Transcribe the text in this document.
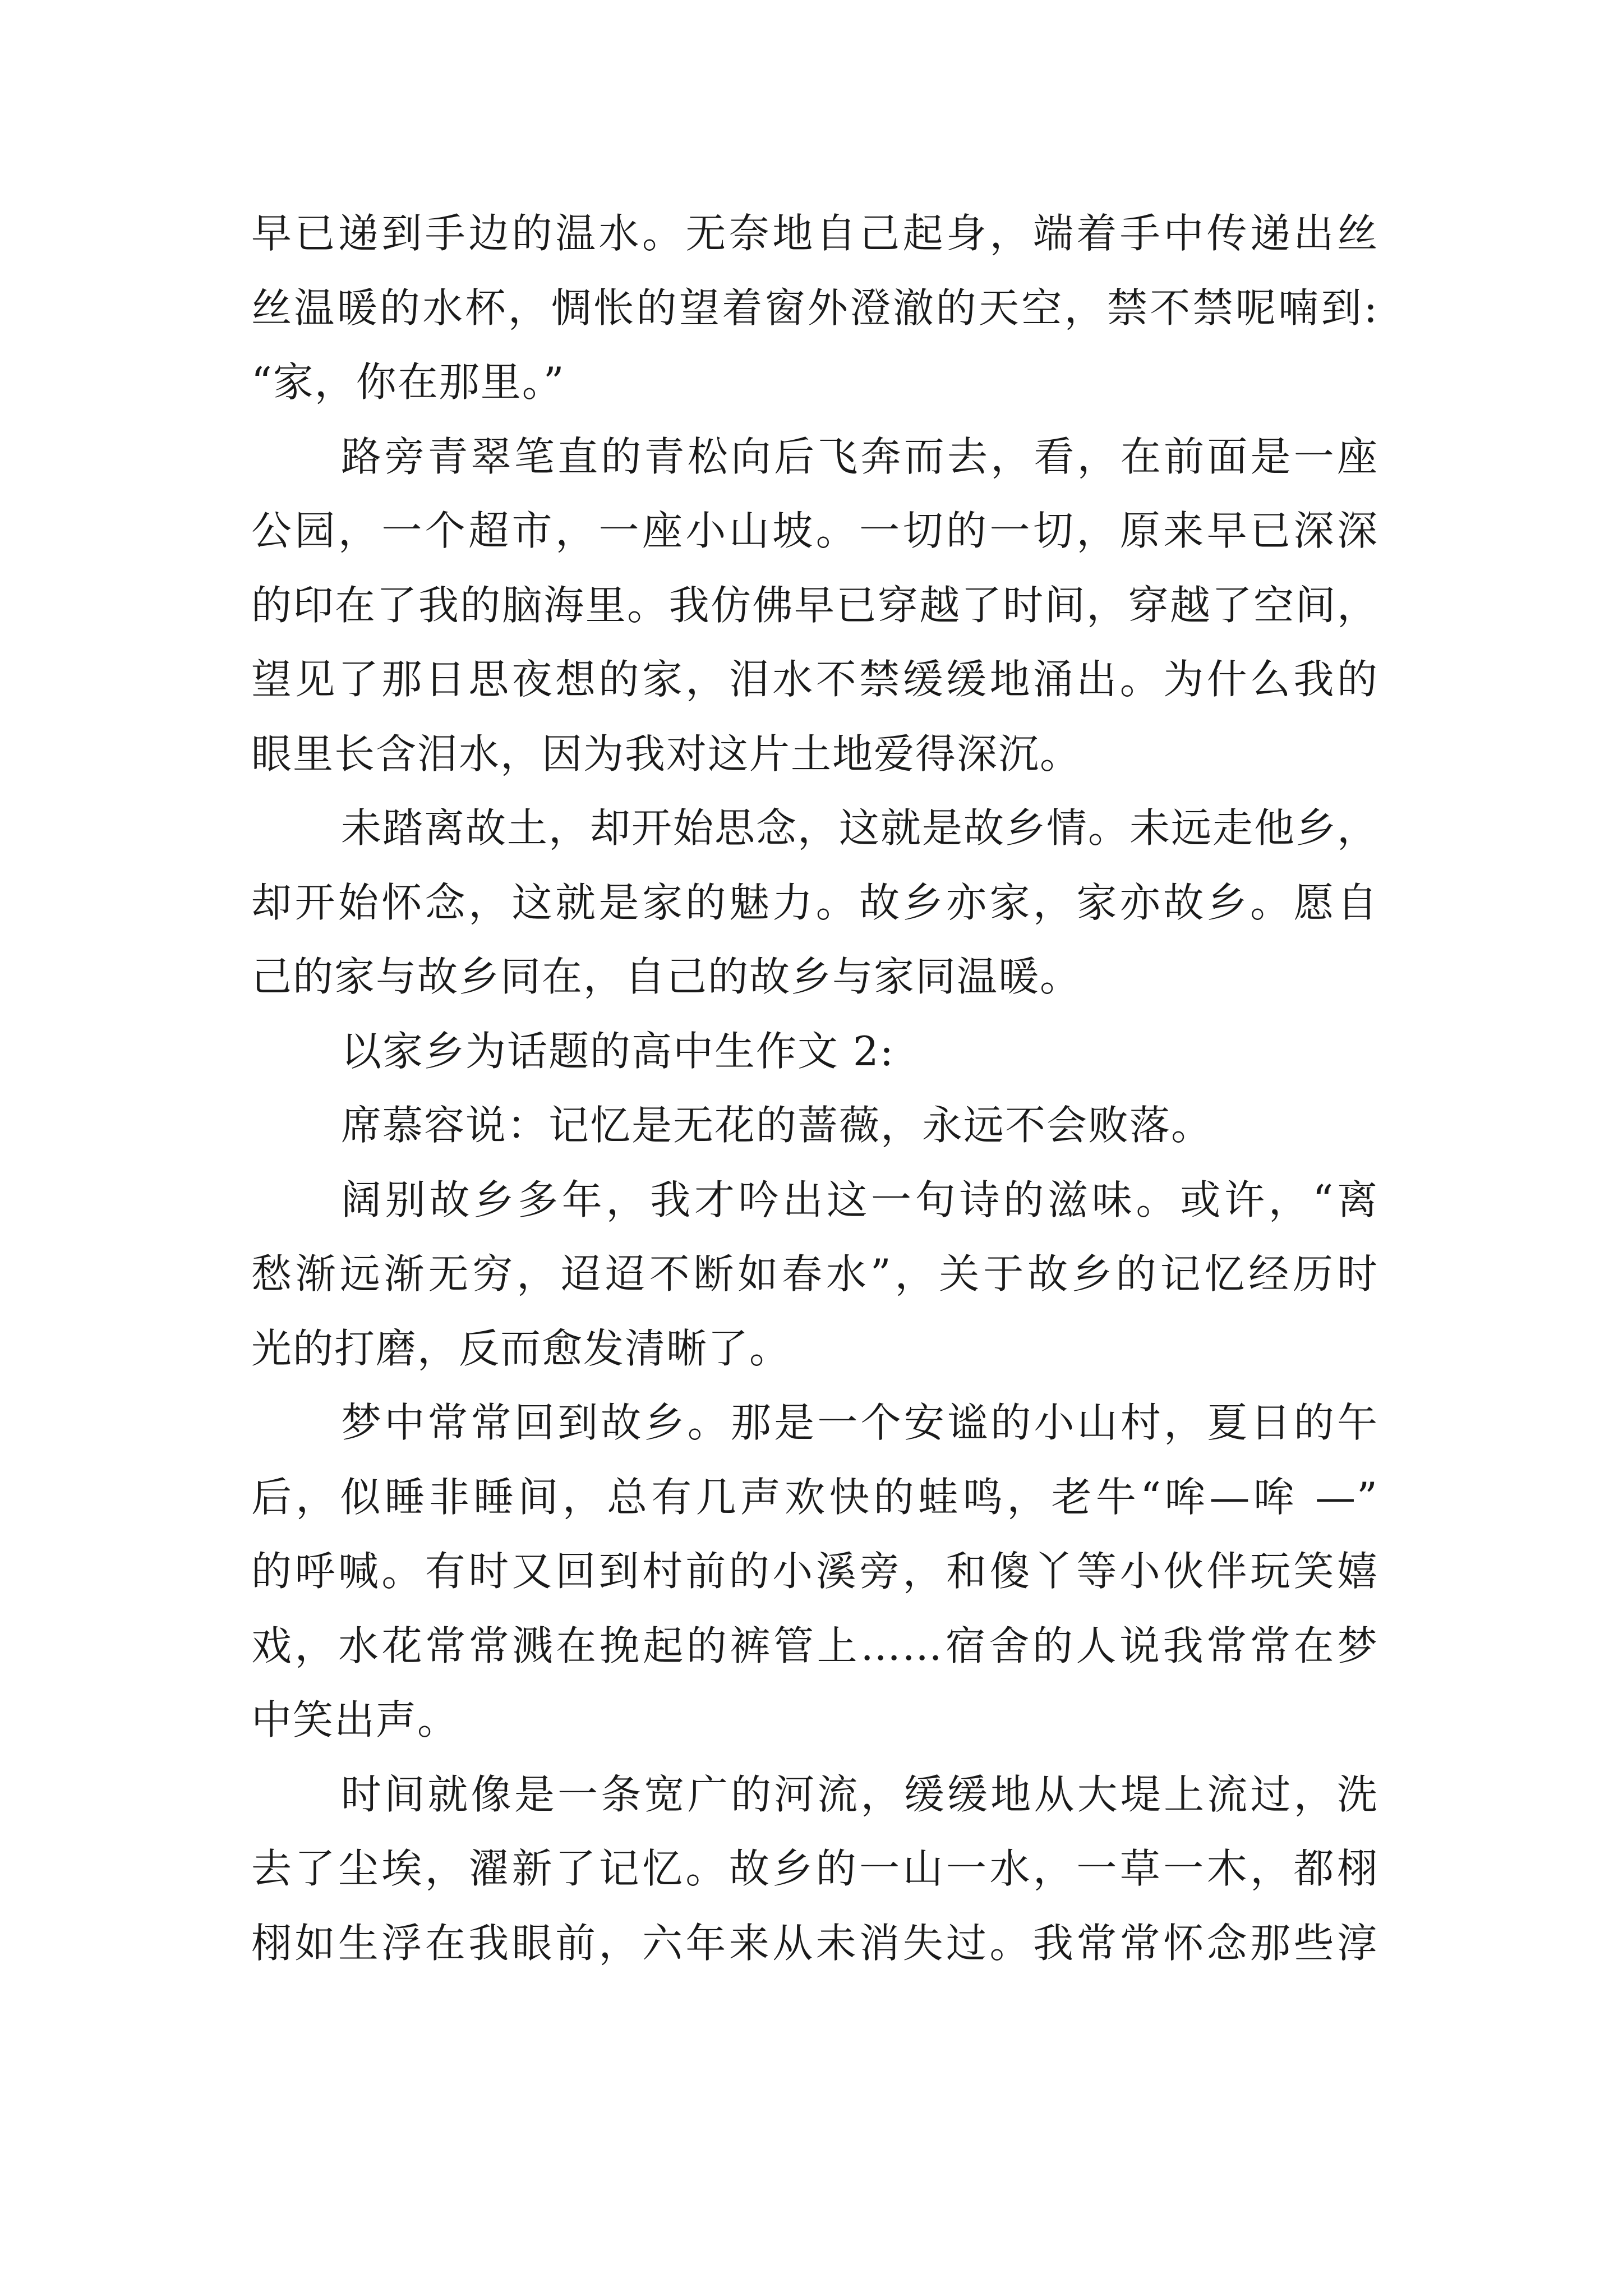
早已递到手边的温水。无奈地自己起身，端着手中传递出丝
丝温暖的水杯，惆怅的望着窗外澄澈的天空，禁不禁呢喃到:
“家，你在那里。”
路旁青翠笔直的青松向后飞奔而去，看，在前面是一座
公园，一个超市，一座小山坡。一切的一切，原来早已深深
的印在了我的脑海里。我仿佛早已穿越了时间，穿越了空间，
望见了那日思夜想的家，泪水不禁缓缓地涌出。为什么我的
眼里长含泪水，因为我对这片土地爱得深沉。
未踏离故土，却开始思念，这就是故乡情。未远走他乡，
却开始怀念，这就是家的魅力。故乡亦家，家亦故乡。愿自
己的家与故乡同在，自己的故乡与家同温暖。
以家乡为话题的高中生作文 2:
席慕容说：记忆是无花的蔷薇，永远不会败落。
阔别故乡多年，我才吟出这一句诗的滋味。或许，“离
愁渐远渐无穷，迢迢不断如春水”，关于故乡的记忆经历时
光的打磨，反而愈发清晰了。
梦中常常回到故乡。那是一个安谧的小山村，夏日的午
后，似睡非睡间，总有几声欢快的蛙鸣，老牛“哞—哞 —”
的呼喊。有时又回到村前的小溪旁，和傻丫等小伙伴玩笑嬉
戏，水花常常溅在挽起的裤管上……宿舍的人说我常常在梦
中笑出声。
时间就像是一条宽广的河流，缓缓地从大堤上流过，洗
去了尘埃，濯新了记忆。故乡的一山一水，一草一木，都栩
栩如生浮在我眼前，六年来从未消失过。我常常怀念那些淳
